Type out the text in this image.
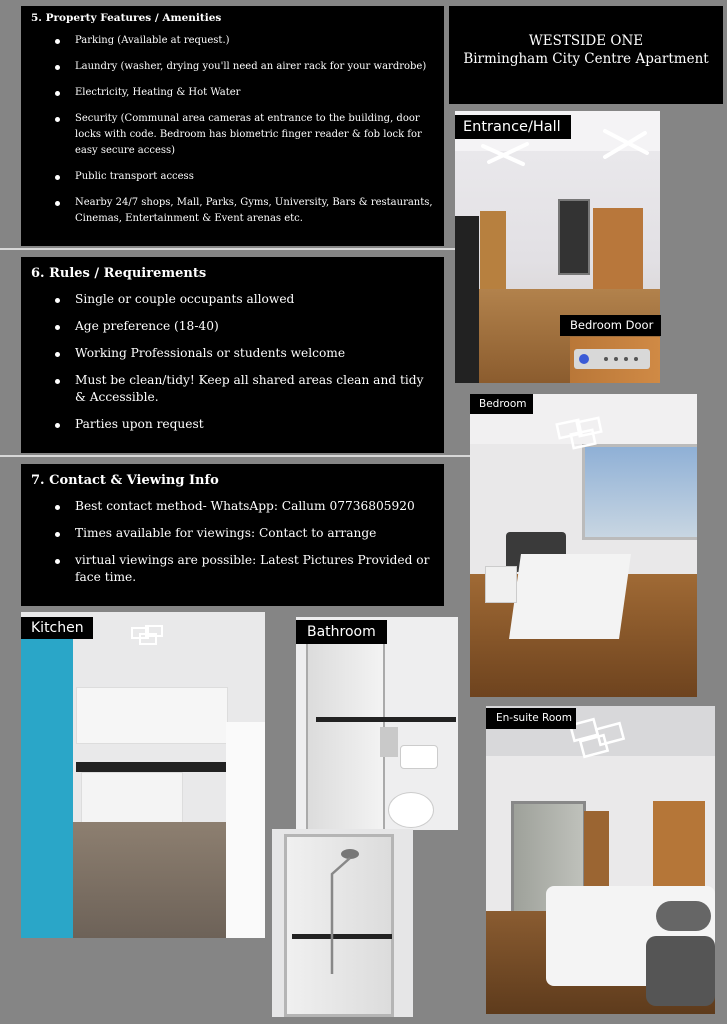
5. Property Features / Amenities
Parking (Available at request.)
Laundry (washer, drying you'll need an airer rack for your wardrobe)
Electricity, Heating & Hot Water
Security (Communal area cameras at entrance to the building, door locks with code. Bedroom has biometric finger reader & fob lock for easy secure access)
Public transport access
Nearby 24/7 shops, Mall, Parks, Gyms, University, Bars & restaurants, Cinemas, Entertainment & Event arenas etc.
6. Rules / Requirements
Single or couple occupants allowed
Age preference (18-40)
Working Professionals or students welcome
Must be clean/tidy! Keep all shared areas clean and tidy & Accessible.
Parties upon request
7. Contact & Viewing Info
Best contact method- WhatsApp: Callum 07736805920
Times available for viewings: Contact to arrange
virtual viewings are possible: Latest Pictures Provided or face time.
WESTSIDE ONE
Birmingham City Centre Apartment
Entrance/Hall
Bedroom Door
Bedroom
Kitchen	Bathroom
En-suite Room
